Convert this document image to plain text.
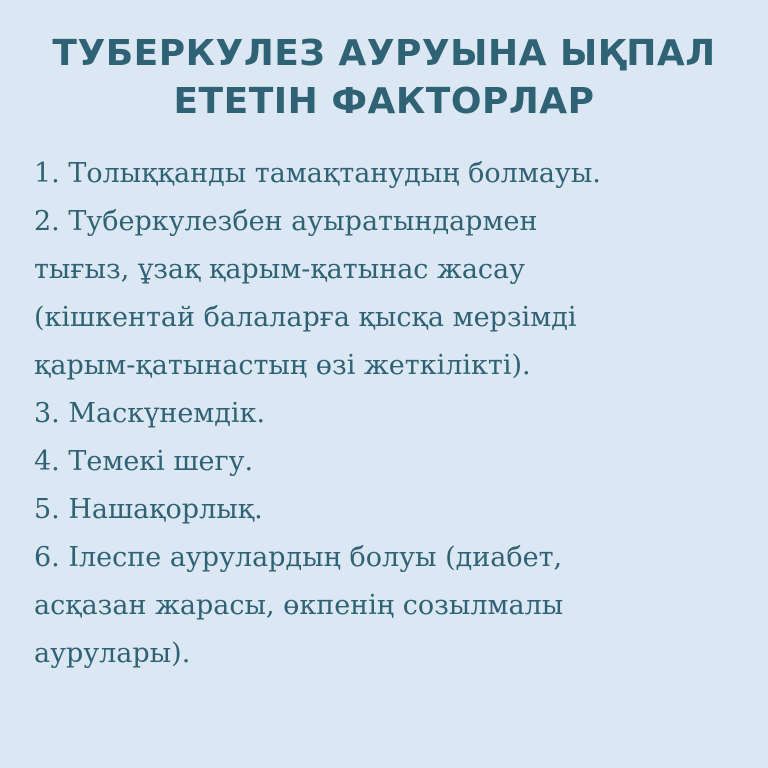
ТУБЕРКУЛЕЗ АУРУЫНА ЫҚПАЛ
ЕТЕТІН ФАКТОРЛАР
1. Толыққанды тамақтанудың болмауы.
2. Туберкулезбен ауыратындармен
тығыз, ұзақ қарым-қатынас жасау
(кішкентай балаларға қысқа мерзімді
қарым-қатынастың өзі жеткілікті).
3. Маскүнемдік.
4. Темекі шегу.
5. Нашақорлық.
6. Ілеспе аурулардың болуы (диабет,
асқазан жарасы, өкпенің созылмалы
аурулары).
